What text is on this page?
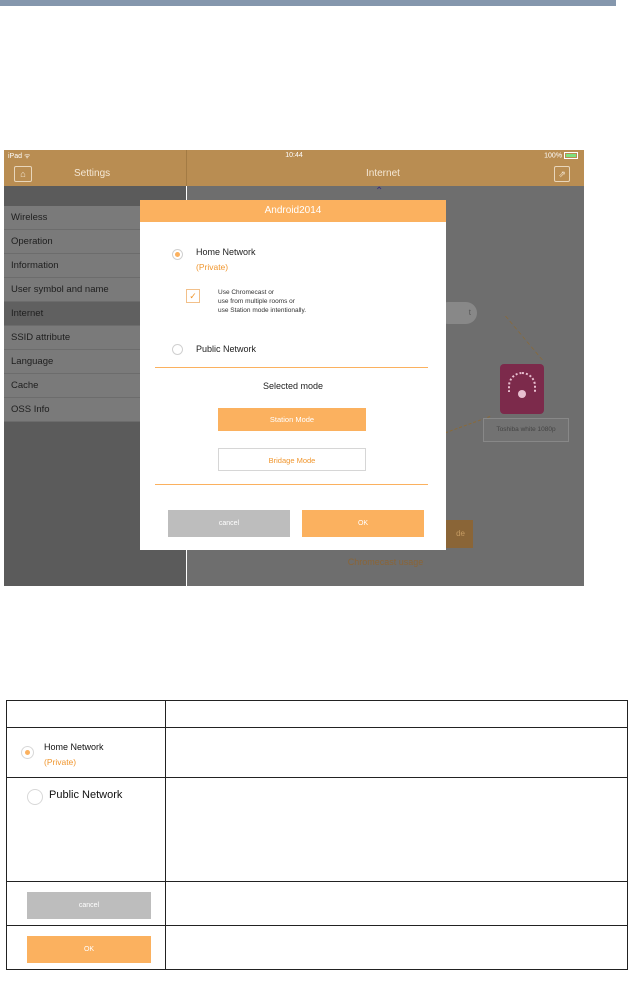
iPad ᯤ	10:44	100%
⌂	Settings	Internet	⇗
Wireless
Operation
Information
User symbol and name
Internet
SSID attribute
Language
Cache
OSS Info
⌃
t
Toshiba white 1080p
de
Chromecast usage
Android2014
Home Network
(Private)
✓	Use Chromecast or
use from multiple rooms or
use Station mode intentionally.
Public Network
Selected mode
Station Mode
Bridage Mode
cancel	OK

Home Network
(Private)	

Public Network	

cancel	

OK	
